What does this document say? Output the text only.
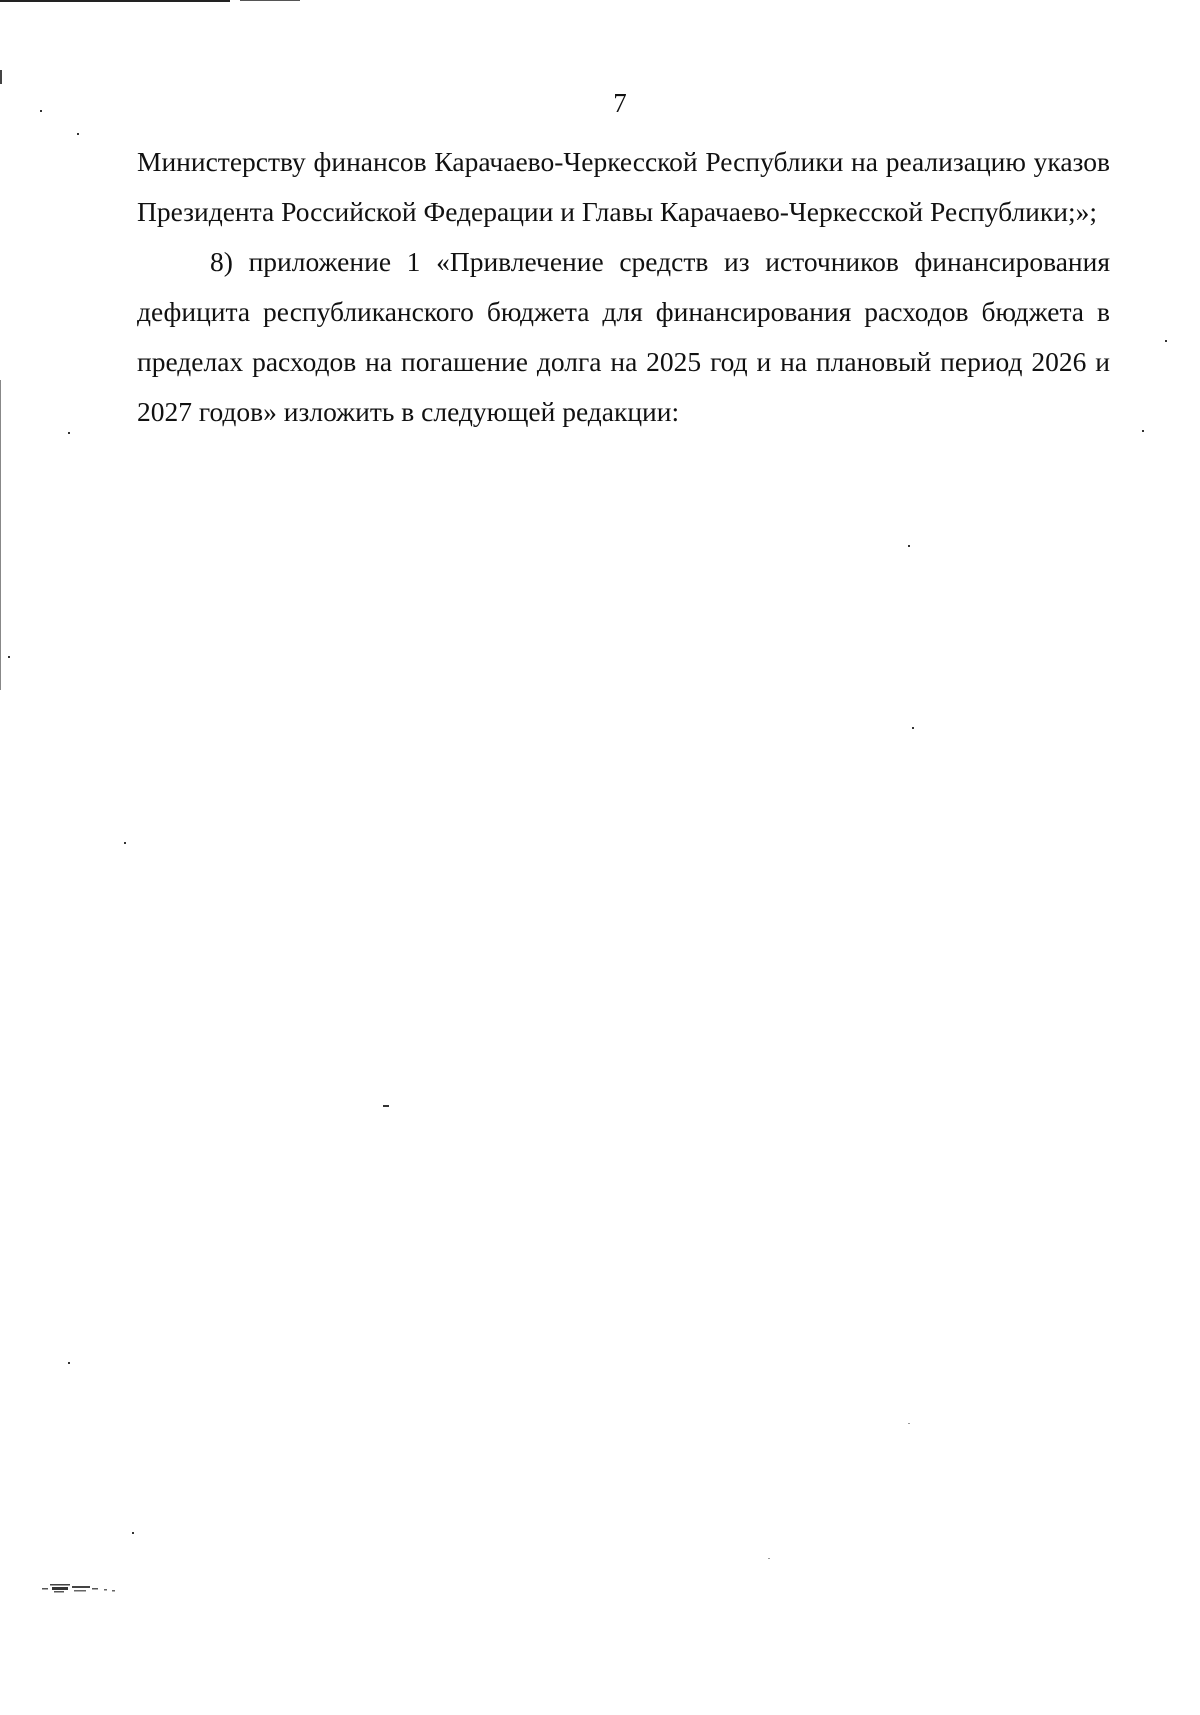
7

Министерству финансов Карачаево-Черкесской Республики на реализацию указов Президента Российской Федерации и Главы Карачаево-Черкесской Республики;»;

8) приложение 1 «Привлечение средств из источников финансирования дефицита республиканского бюджета для финансирования расходов бюджета в пределах расходов на погашение долга на 2025 год и на плановый период 2026 и 2027 годов» изложить в следующей редакции:
